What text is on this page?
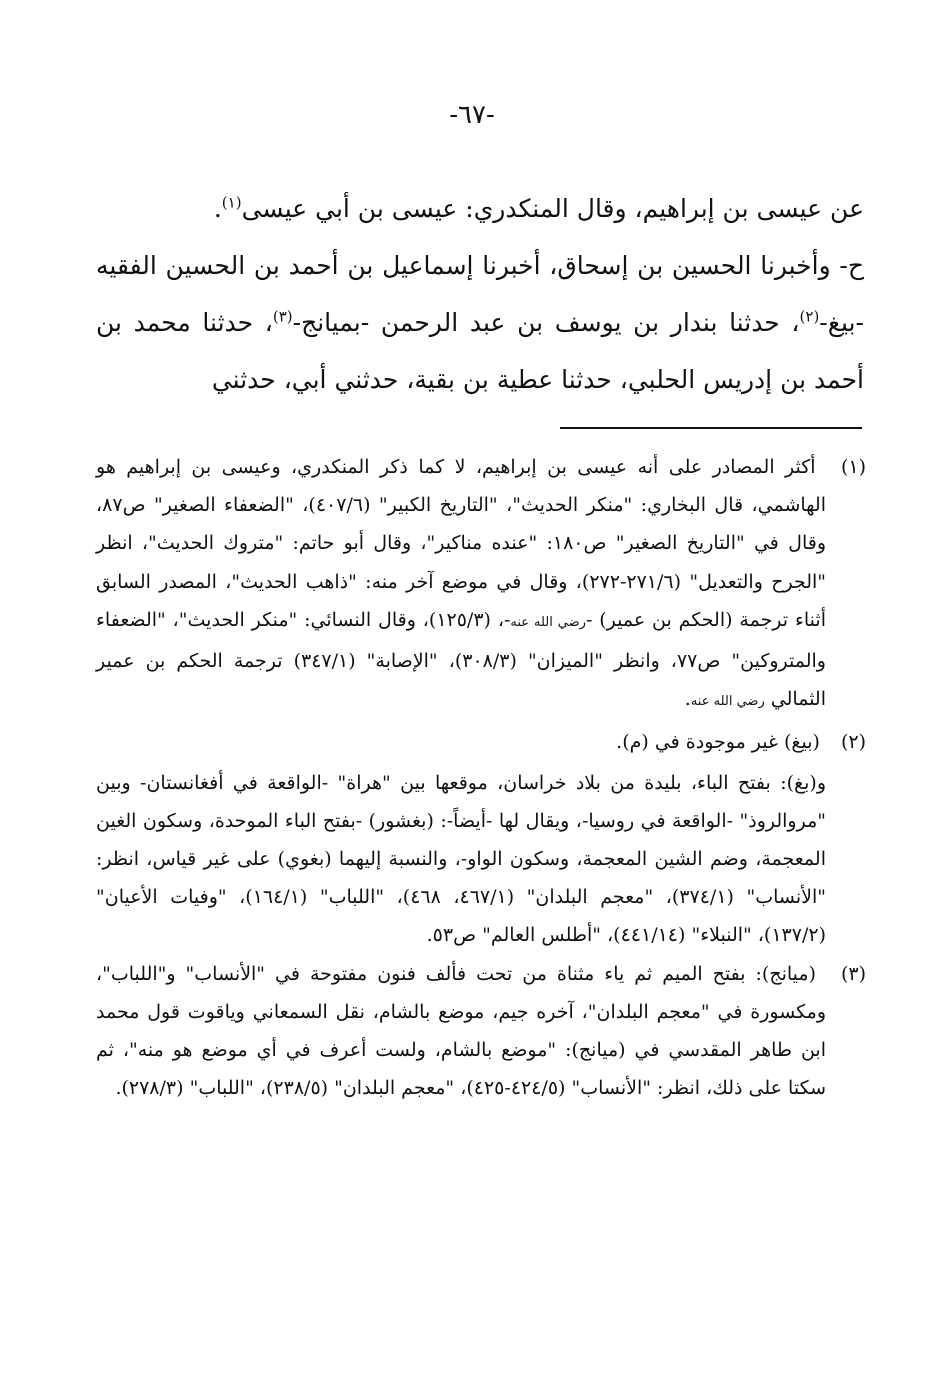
-٦٧-

عن عيسى بن إبراهيم، وقال المنكدري: عيسى بن أبي عيسى$^{(١)}$.

ح- وأخبرنا الحسين بن إسحاق، أخبرنا إسماعيل بن أحمد بن الحسين الفقيه -بيغ-$^{(٢)}$، حدثنا بندار بن يوسف بن عبد الرحمن -بميانج-$^{(٣)}$، حدثنا محمد بن أحمد بن إدريس الحلبي، حدثنا عطية بن بقية، حدثني أبي، حدثني

(١) أكثر المصادر على أنه عيسى بن إبراهيم، لا كما ذكر المنكدري، وعيسى بن إبراهيم هو الهاشمي، قال البخاري: "منكر الحديث"، "التاريخ الكبير" (٤٠٧/٦)، "الضعفاء الصغير" ص٨٧، وقال في "التاريخ الصغير" ص١٨٠: "عنده مناكير"، وقال أبو حاتم: "متروك الحديث"، انظر "الجرح والتعديل" (٢٧١/٦-٢٧٢)، وقال في موضع آخر منه: "ذاهب الحديث"، المصدر السابق أثناء ترجمة (الحكم بن عمير) -رضي الله عنه-، (١٢٥/٣)، وقال النسائي: "منكر الحديث"، "الضعفاء والمتروكين" ص٧٧، وانظر "الميزان" (٣٠٨/٣)، "الإصابة" (٣٤٧/١) ترجمة الحكم بن عمير الثمالي رضي الله عنه.

(٢) (بيغ) غير موجودة في (م).

و(بغ): بفتح الباء، بليدة من بلاد خراسان، موقعها بين "هراة" -الواقعة في أفغانستان- وبين "مروالروذ" -الواقعة في روسيا-، ويقال لها -أيضاً-: (بغشور) -بفتح الباء الموحدة، وسكون الغين المعجمة، وضم الشين المعجمة، وسكون الواو-، والنسبة إليهما (بغوي) على غير قياس، انظر: "الأنساب" (٣٧٤/١)، "معجم البلدان" (٤٦٧/١، ٤٦٨)، "اللباب" (١٦٤/١)، "وفيات الأعيان" (١٣٧/٢)، "النبلاء" (٤٤١/١٤)، "أطلس العالم" ص٥٣.

(٣) (ميانج): بفتح الميم ثم ياء مثناة من تحت فألف فنون مفتوحة في "الأنساب" و"اللباب"، ومكسورة في "معجم البلدان"، آخره جيم، موضع بالشام، نقل السمعاني وياقوت قول محمد ابن طاهر المقدسي في (ميانج): "موضع بالشام، ولست أعرف في أي موضع هو منه"، ثم سكتا على ذلك، انظر: "الأنساب" (٤٢٤/٥-٤٢٥)، "معجم البلدان" (٢٣٨/٥)، "اللباب" (٢٧٨/٣).
